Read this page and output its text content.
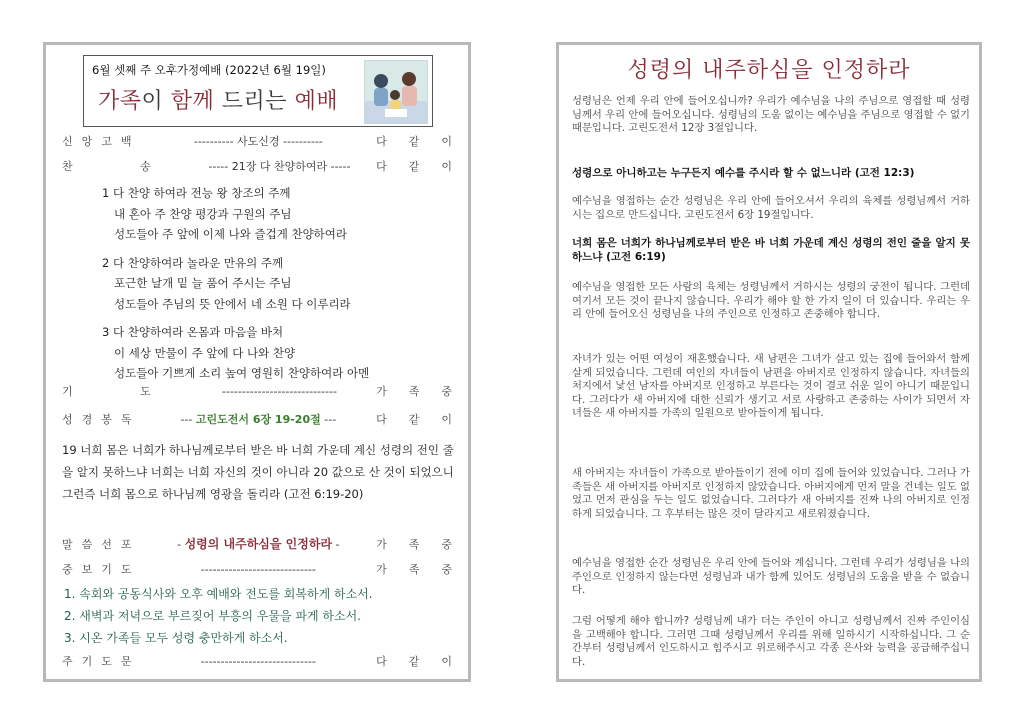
6월 셋째 주 오후가정예배 (2022년 6월 19일)
가족이 함께 드리는 예배
신앙고백	---------- 사도신경 ----------	다같이
찬 송	----- 21장 다 찬양하여라 -----	다같이
1 다 찬양 하여라 전능 왕 창조의 주께
내 혼아 주 찬양 평강과 구원의 주님
성도들아 주 앞에 이제 나와 즐겁게 찬양하여라
2 다 찬양하여라 놀라운 만유의 주께
포근한 날개 밑 늘 품어 주시는 주님
성도들아 주님의 뜻 안에서 네 소원 다 이루리라
3 다 찬양하여라 온몸과 마음을 바쳐
이 세상 만물이 주 앞에 다 나와 찬양
성도들아 기쁘게 소리 높여 영원히 찬양하여라 아멘
기 도	-----------------------------	가족중
성경봉독	--- 고린도전서 6장 19-20절 ---	다같이
19 너희 몸은 너희가 하나님께로부터 받은 바 너희 가운데 계신 성령의 전인 줄을 알지 못하느냐 너희는 너희 자신의 것이 아니라 20 값으로 산 것이 되었으니 그런즉 너희 몸으로 하나님께 영광을 돌리라 (고전 6:19-20)
말씀선포	- 성령의 내주하심을 인정하라 -	가족중
중보기도	-----------------------------	가족중
1. 속회와 공동식사와 오후 예배와 전도를 회복하게 하소서.
2. 새벽과 저녁으로 부르짖어 부흥의 우물을 파게 하소서.
3. 시온 가족들 모두 성령 충만하게 하소서.
주기도문	-----------------------------	다같이
성령의 내주하심을 인정하라
성령님은 언제 우리 안에 들어오십니까? 우리가 예수님을 나의 주님으로 영접할 때 성령님께서 우리 안에 들어오십니다. 성령님의 도움 없이는 예수님을 주님으로 영접할 수 없기 때문입니다. 고린도전서 12장 3절입니다.
성령으로 아니하고는 누구든지 예수를 주시라 할 수 없느니라 (고전 12:3)
예수님을 영접하는 순간 성령님은 우리 안에 들어오셔서 우리의 육체를 성령님께서 거하시는 집으로 만드십니다. 고린도전서 6장 19절입니다.
너희 몸은 너희가 하나님께로부터 받은 바 너희 가운데 계신 성령의 전인 줄을 알지 못하느냐 (고전 6:19)
예수님을 영접한 모든 사람의 육체는 성령님께서 거하시는 성령의 궁전이 됩니다. 그런데 여기서 모든 것이 끝나지 않습니다. 우리가 해야 할 한 가지 일이 더 있습니다. 우리는 우리 안에 들어오신 성령님을 나의 주인으로 인정하고 존중해야 합니다.
자녀가 있는 어떤 여성이 재혼했습니다. 새 남편은 그녀가 살고 있는 집에 들어와서 함께 살게 되었습니다. 그런데 여인의 자녀들이 남편을 아버지로 인정하지 않습니다. 자녀들의 처지에서 낯선 남자를 아버지로 인정하고 부른다는 것이 결코 쉬운 일이 아니기 때문입니다. 그러다가 새 아버지에 대한 신뢰가 생기고 서로 사랑하고 존중하는 사이가 되면서 자녀들은 새 아버지를 가족의 일원으로 받아들이게 됩니다.
새 아버지는 자녀들이 가족으로 받아들이기 전에 이미 집에 들어와 있었습니다. 그러나 가족들은 새 아버지를 아버지로 인정하지 않았습니다. 아버지에게 먼저 말을 건네는 일도 없었고 먼저 관심을 두는 일도 없었습니다. 그러다가 새 아버지를 진짜 나의 아버지로 인정하게 되었습니다. 그 후부터는 많은 것이 달라지고 새로워졌습니다.
예수님을 영접한 순간 성령님은 우리 안에 들어와 계십니다. 그런데 우리가 성령님을 나의 주인으로 인정하지 않는다면 성령님과 내가 함께 있어도 성령님의 도움을 받을 수 없습니다.
그럼 어떻게 해야 합니까? 성령님께 내가 더는 주인이 아니고 성령님께서 진짜 주인이심을 고백해야 합니다. 그러면 그때 성령님께서 우리를 위해 일하시기 시작하십니다. 그 순간부터 성령님께서 인도하시고 힘주시고 위로해주시고 각종 은사와 능력을 공급해주십니다.
